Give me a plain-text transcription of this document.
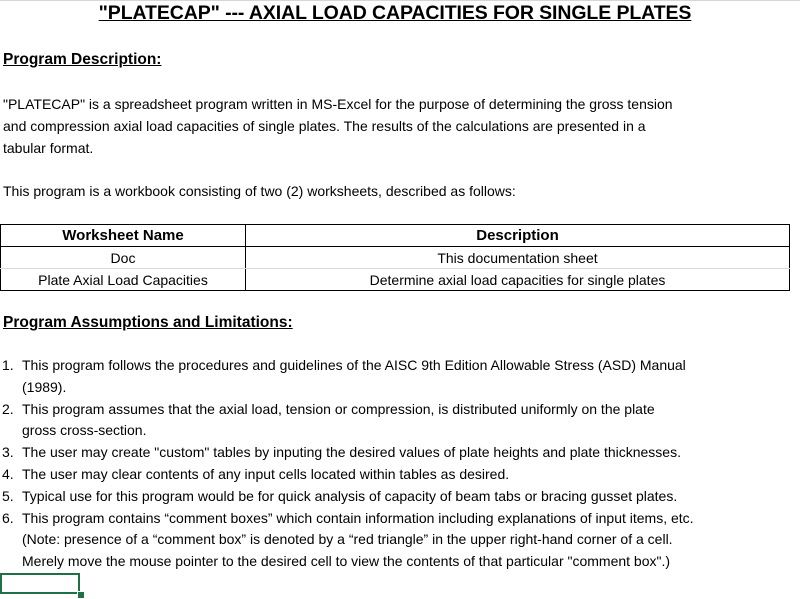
"PLATECAP" --- AXIAL LOAD CAPACITIES FOR SINGLE PLATES
Program Description:
"PLATECAP" is a spreadsheet program written in MS-Excel for the purpose of determining the gross tension
and compression axial load capacities of single plates. The results of the calculations are presented in a
tabular format.
This program is a workbook consisting of two (2) worksheets, described as follows:
Worksheet Name	Description
Doc	This documentation sheet
Plate Axial Load Capacities	Determine axial load capacities for single plates
Program Assumptions and Limitations:
1. This program follows the procedures and guidelines of the AISC 9th Edition Allowable Stress (ASD) Manual
(1989).
2. This program assumes that the axial load, tension or compression, is distributed uniformly on the plate
gross cross-section.
3. The user may create "custom" tables by inputing the desired values of plate heights and plate thicknesses.
4. The user may clear contents of any input cells located within tables as desired.
5. Typical use for this program would be for quick analysis of capacity of beam tabs or bracing gusset plates.
6. This program contains “comment boxes” which contain information including explanations of input items, etc.
(Note: presence of a “comment box” is denoted by a “red triangle” in the upper right-hand corner of a cell.
Merely move the mouse pointer to the desired cell to view the contents of that particular "comment box".)
